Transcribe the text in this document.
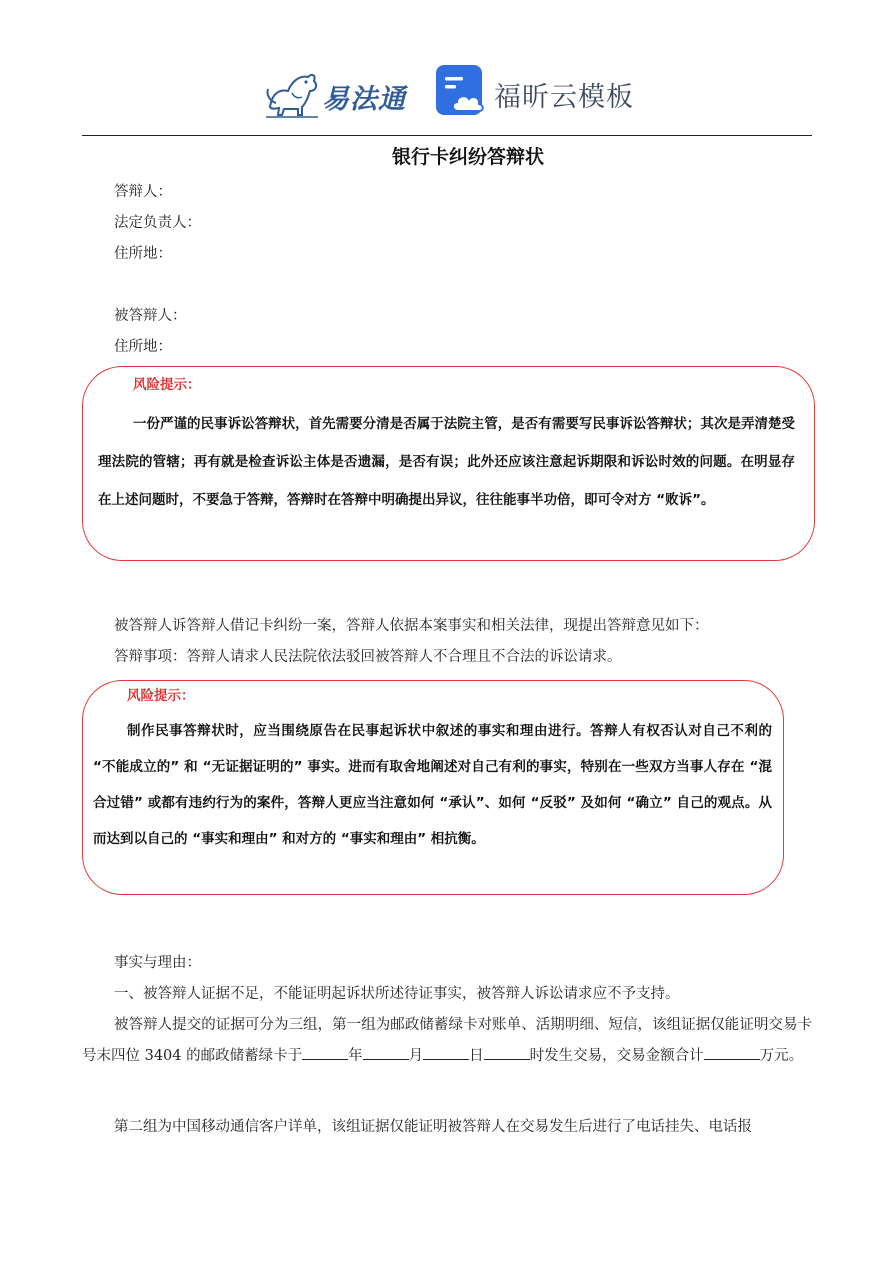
易法通	福昕云模板
银行卡纠纷答辩状
答辩人：
法定负责人：
住所地：
被答辩人：
住所地：
风险提示：
一份严谨的民事诉讼答辩状，首先需要分清是否属于法院主管，是否有需要写民事诉讼答辩状；其次是弄清楚受理法院的管辖；再有就是检查诉讼主体是否遗漏，是否有误；此外还应该注意起诉期限和诉讼时效的问题。在明显存在上述问题时，不要急于答辩，答辩时在答辩中明确提出异议，往往能事半功倍，即可令对方 “败诉”。
被答辩人诉答辩人借记卡纠纷一案，答辩人依据本案事实和相关法律，现提出答辩意见如下：
答辩事项：答辩人请求人民法院依法驳回被答辩人不合理且不合法的诉讼请求。
风险提示：
制作民事答辩状时，应当围绕原告在民事起诉状中叙述的事实和理由进行。答辩人有权否认对自己不利的 “不能成立的” 和 “无证据证明的” 事实。进而有取舍地阐述对自己有利的事实，特别在一些双方当事人存在 “混合过错” 或都有违约行为的案件，答辩人更应当注意如何 “承认”、如何 “反驳” 及如何 “确立” 自己的观点。从而达到以自己的 “事实和理由” 和对方的 “事实和理由” 相抗衡。
事实与理由：
一、被答辩人证据不足，不能证明起诉状所述待证事实，被答辩人诉讼请求应不予支持。
被答辩人提交的证据可分为三组，第一组为邮政储蓄绿卡对账单、活期明细、短信，该组证据仅能证明交易卡号末四位 3404 的邮政储蓄绿卡于	年	月	日	时发生交易，交易金额合计	万元。
第二组为中国移动通信客户详单，该组证据仅能证明被答辩人在交易发生后进行了电话挂失、电话报
